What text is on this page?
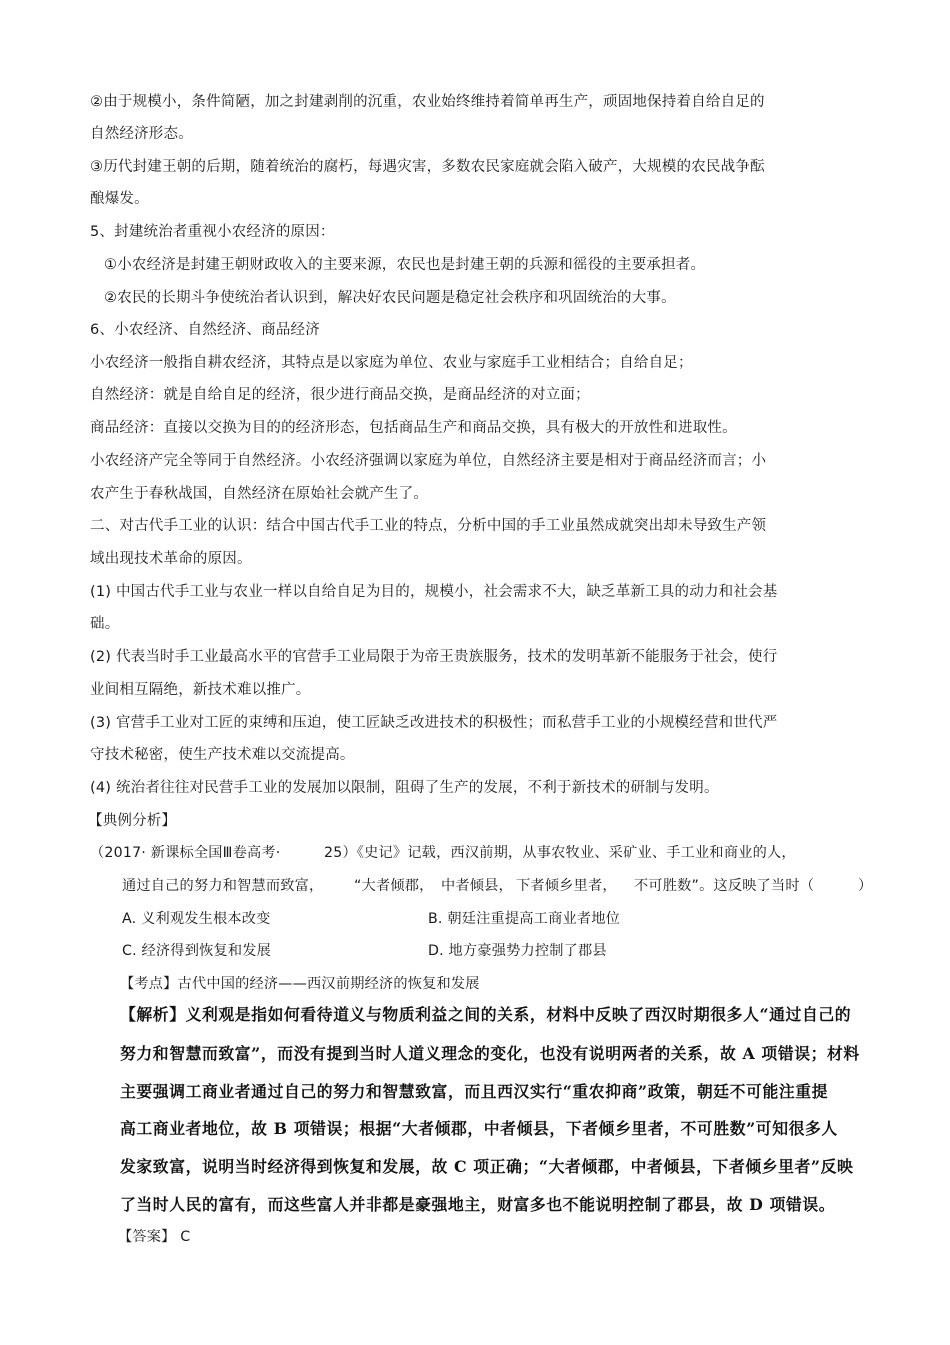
②由于规模小，条件简陋，加之封建剥削的沉重，农业始终维持着简单再生产，顽固地保持着自给自足的
自然经济形态。
③历代封建王朝的后期，随着统治的腐朽，每遇灾害，多数农民家庭就会陷入破产，大规模的农民战争酝
酿爆发。
5、封建统治者重视小农经济的原因：
①小农经济是封建王朝财政收入的主要来源，农民也是封建王朝的兵源和徭役的主要承担者。
②农民的长期斗争使统治者认识到，解决好农民问题是稳定社会秩序和巩固统治的大事。
6、小农经济、自然经济、商品经济
小农经济一般指自耕农经济，其特点是以家庭为单位、农业与家庭手工业相结合；自给自足；
自然经济：就是自给自足的经济，很少进行商品交换，是商品经济的对立面；
商品经济：直接以交换为目的的经济形态，包括商品生产和商品交换，具有极大的开放性和进取性。
小农经济产完全等同于自然经济。小农经济强调以家庭为单位，自然经济主要是相对于商品经济而言；小
农产生于春秋战国，自然经济在原始社会就产生了。
二、对古代手工业的认识：结合中国古代手工业的特点，分析中国的手工业虽然成就突出却未导致生产领
域出现技术革命的原因。
(1) 中国古代手工业与农业一样以自给自足为目的，规模小，社会需求不大，缺乏革新工具的动力和社会基
础。
(2) 代表当时手工业最高水平的官营手工业局限于为帝王贵族服务，技术的发明革新不能服务于社会，使行
业间相互隔绝，新技术难以推广。
(3) 官营手工业对工匠的束缚和压迫，使工匠缺乏改进技术的积极性；而私营手工业的小规模经营和世代严
守技术秘密，使生产技术难以交流提高。
(4) 统治者往往对民营手工业的发展加以限制，阻碍了生产的发展，不利于新技术的研制与发明。
【典例分析】
（2017· 新课标全国Ⅲ卷高考·	25）《史记》记载，西汉前期，从事农牧业、采矿业、手工业和商业的人，
通过自己的努力和智慧而致富， “大者倾郡， 中者倾县， 下者倾乡里者， 不可胜数”。这反映了当时（	）
A. 义利观发生根本改变	B. 朝廷注重提高工商业者地位
C. 经济得到恢复和发展	D. 地方豪强势力控制了郡县
【考点】古代中国的经济——西汉前期经济的恢复和发展
【解析】义利观是指如何看待道义与物质利益之间的关系，材料中反映了西汉时期很多人“通过自己的
努力和智慧而致富”，而没有提到当时人道义理念的变化，也没有说明两者的关系，故 A 项错误；材料
主要强调工商业者通过自己的努力和智慧致富，而且西汉实行“重农抑商”政策，朝廷不可能注重提
高工商业者地位，故 B 项错误；根据“大者倾郡，中者倾县，下者倾乡里者，不可胜数”可知很多人
发家致富，说明当时经济得到恢复和发展，故 C 项正确；“大者倾郡，中者倾县，下者倾乡里者”反映
了当时人民的富有，而这些富人并非都是豪强地主，财富多也不能说明控制了郡县，故 D 项错误。
【答案】 C
